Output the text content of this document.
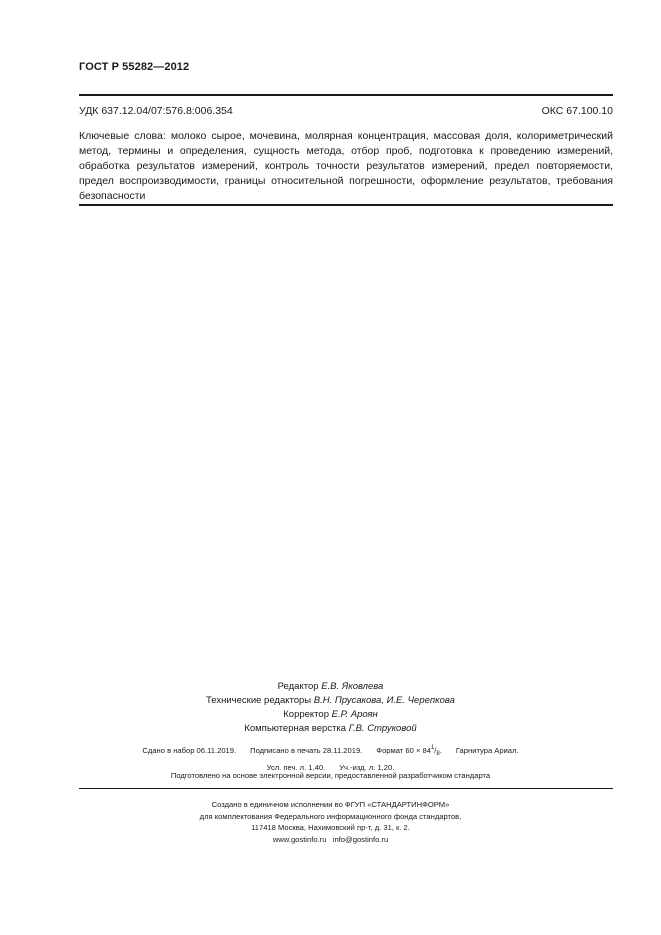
ГОСТ Р 55282—2012
УДК 637.12.04/07:576.8:006.354	ОКС 67.100.10

Ключевые слова: молоко сырое, мочевина, молярная концентрация, массовая доля, колориметрический метод, термины и определения, сущность метода, отбор проб, подготовка к проведению измерений, обработка результатов измерений, контроль точности результатов измерений, предел повторяемости, предел воспроизводимости, границы относительной погрешности, оформление результатов, требования безопасности

Редактор Е.В. Яковлева
Технические редакторы В.Н. Прусакова, И.Е. Черепкова
Корректор Е.Р. Ароян
Компьютерная верстка Г.В. Струковой
Сдано в набор 06.11.2019. Подписано в печать 28.11.2019. Формат $60 \times 84^1/_8$. Гарнитура Ариал.
Усл. печ. л. 1,40. Уч.-изд. л. 1,20.
Подготовлено на основе электронной версии, предоставленной разработчиком стандарта
Создано в единичном исполнении во ФГУП «СТАНДАРТИНФОРМ»
для комплектования Федерального информационного фонда стандартов,
117418 Москва, Нахимовский пр-т, д. 31, к. 2.
www.gostinfo.ru info@gostinfo.ru
